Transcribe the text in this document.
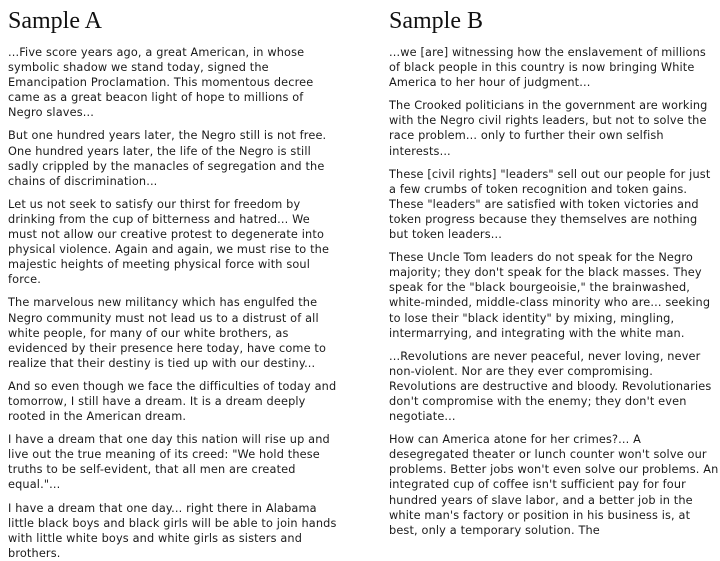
Sample A

...Five score years ago, a great American, in whose symbolic shadow we stand today, signed the Emancipation Proclamation. This momentous decree came as a great beacon light of hope to millions of Negro slaves...

But one hundred years later, the Negro still is not free. One hundred years later, the life of the Negro is still sadly crippled by the manacles of segregation and the chains of discrimination...

Let us not seek to satisfy our thirst for freedom by drinking from the cup of bitterness and hatred... We must not allow our creative protest to degenerate into physical violence. Again and again, we must rise to the majestic heights of meeting physical force with soul force.

The marvelous new militancy which has engulfed the Negro community must not lead us to a distrust of all white people, for many of our white brothers, as evidenced by their presence here today, have come to realize that their destiny is tied up with our destiny...

And so even though we face the difficulties of today and tomorrow, I still have a dream. It is a dream deeply rooted in the American dream.

I have a dream that one day this nation will rise up and live out the true meaning of its creed: "We hold these truths to be self-evident, that all men are created equal."...

I have a dream that one day... right there in Alabama little black boys and black girls will be able to join hands with little white boys and white girls as sisters and brothers.

Sample B

...we [are] witnessing how the enslavement of millions of black people in this country is now bringing White America to her hour of judgment...

The Crooked politicians in the government are working with the Negro civil rights leaders, but not to solve the race problem... only to further their own selfish interests...

These [civil rights] "leaders" sell out our people for just a few crumbs of token recognition and token gains. These "leaders" are satisfied with token victories and token progress because they themselves are nothing but token leaders...

These Uncle Tom leaders do not speak for the Negro majority; they don't speak for the black masses. They speak for the "black bourgeoisie," the brainwashed, white-minded, middle-class minority who are... seeking to lose their "black identity" by mixing, mingling, intermarrying, and integrating with the white man.

...Revolutions are never peaceful, never loving, never non-violent. Nor are they ever compromising. Revolutions are destructive and bloody. Revolutionaries don't compromise with the enemy; they don't even negotiate...

How can America atone for her crimes?... A desegregated theater or lunch counter won't solve our problems. Better jobs won't even solve our problems. An integrated cup of coffee isn't sufficient pay for four hundred years of slave labor, and a better job in the white man's factory or position in his business is, at best, only a temporary solution. The
